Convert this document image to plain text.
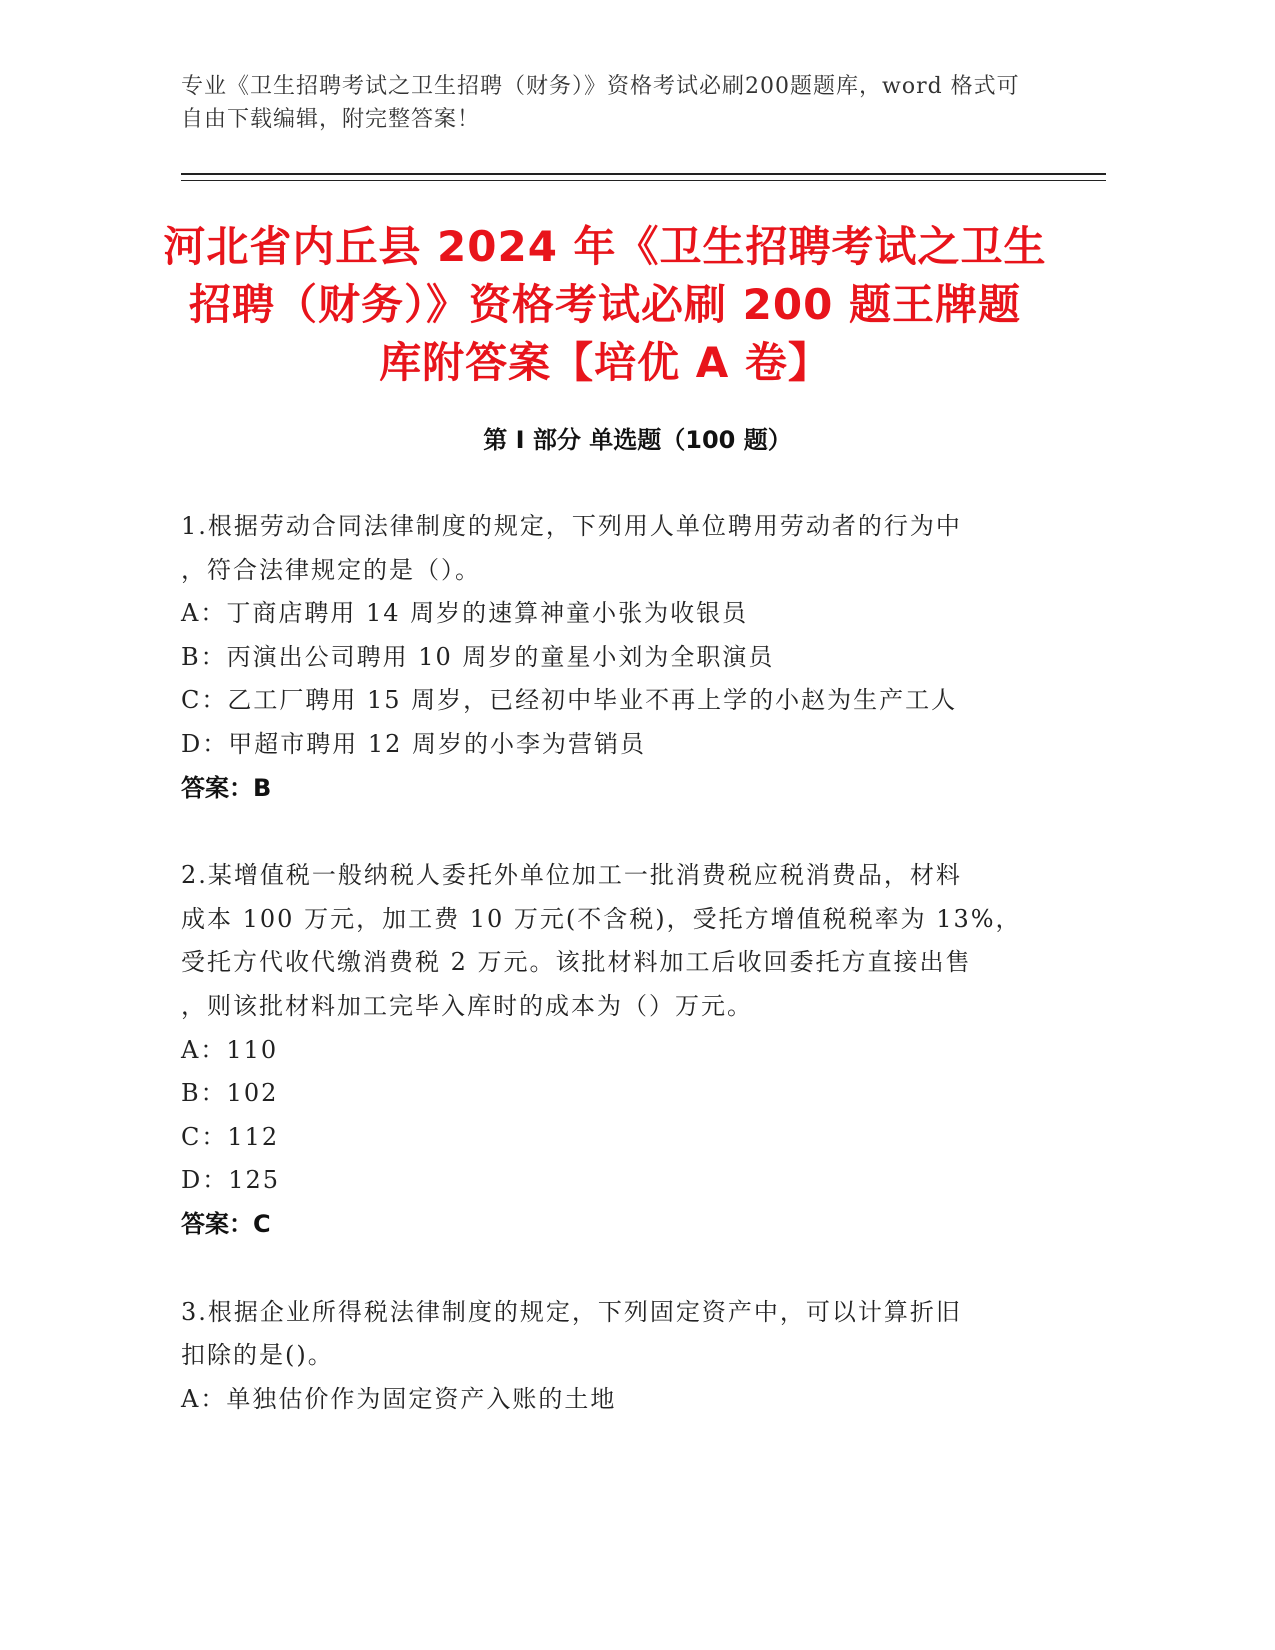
专业《卫生招聘考试之卫生招聘（财务）》资格考试必刷200题题库，word 格式可自由下载编辑，附完整答案！
河北省内丘县 2024 年《卫生招聘考试之卫生
招聘（财务）》资格考试必刷 200 题王牌题
库附答案【培优 A 卷】
第 I 部分 单选题（100 题）
1.根据劳动合同法律制度的规定，下列用人单位聘用劳动者的行为中
，符合法律规定的是（）。
A：丁商店聘用 14 周岁的速算神童小张为收银员
B：丙演出公司聘用 10 周岁的童星小刘为全职演员
C：乙工厂聘用 15 周岁，已经初中毕业不再上学的小赵为生产工人
D：甲超市聘用 12 周岁的小李为营销员
答案：B
2.某增值税一般纳税人委托外单位加工一批消费税应税消费品，材料
成本 100 万元，加工费 10 万元(不含税)，受托方增值税税率为 13%，
受托方代收代缴消费税 2 万元。该批材料加工后收回委托方直接出售
，则该批材料加工完毕入库时的成本为（）万元。
A：110
B：102
C：112
D：125
答案：C
3.根据企业所得税法律制度的规定，下列固定资产中，可以计算折旧
扣除的是()。
A：单独估价作为固定资产入账的土地
